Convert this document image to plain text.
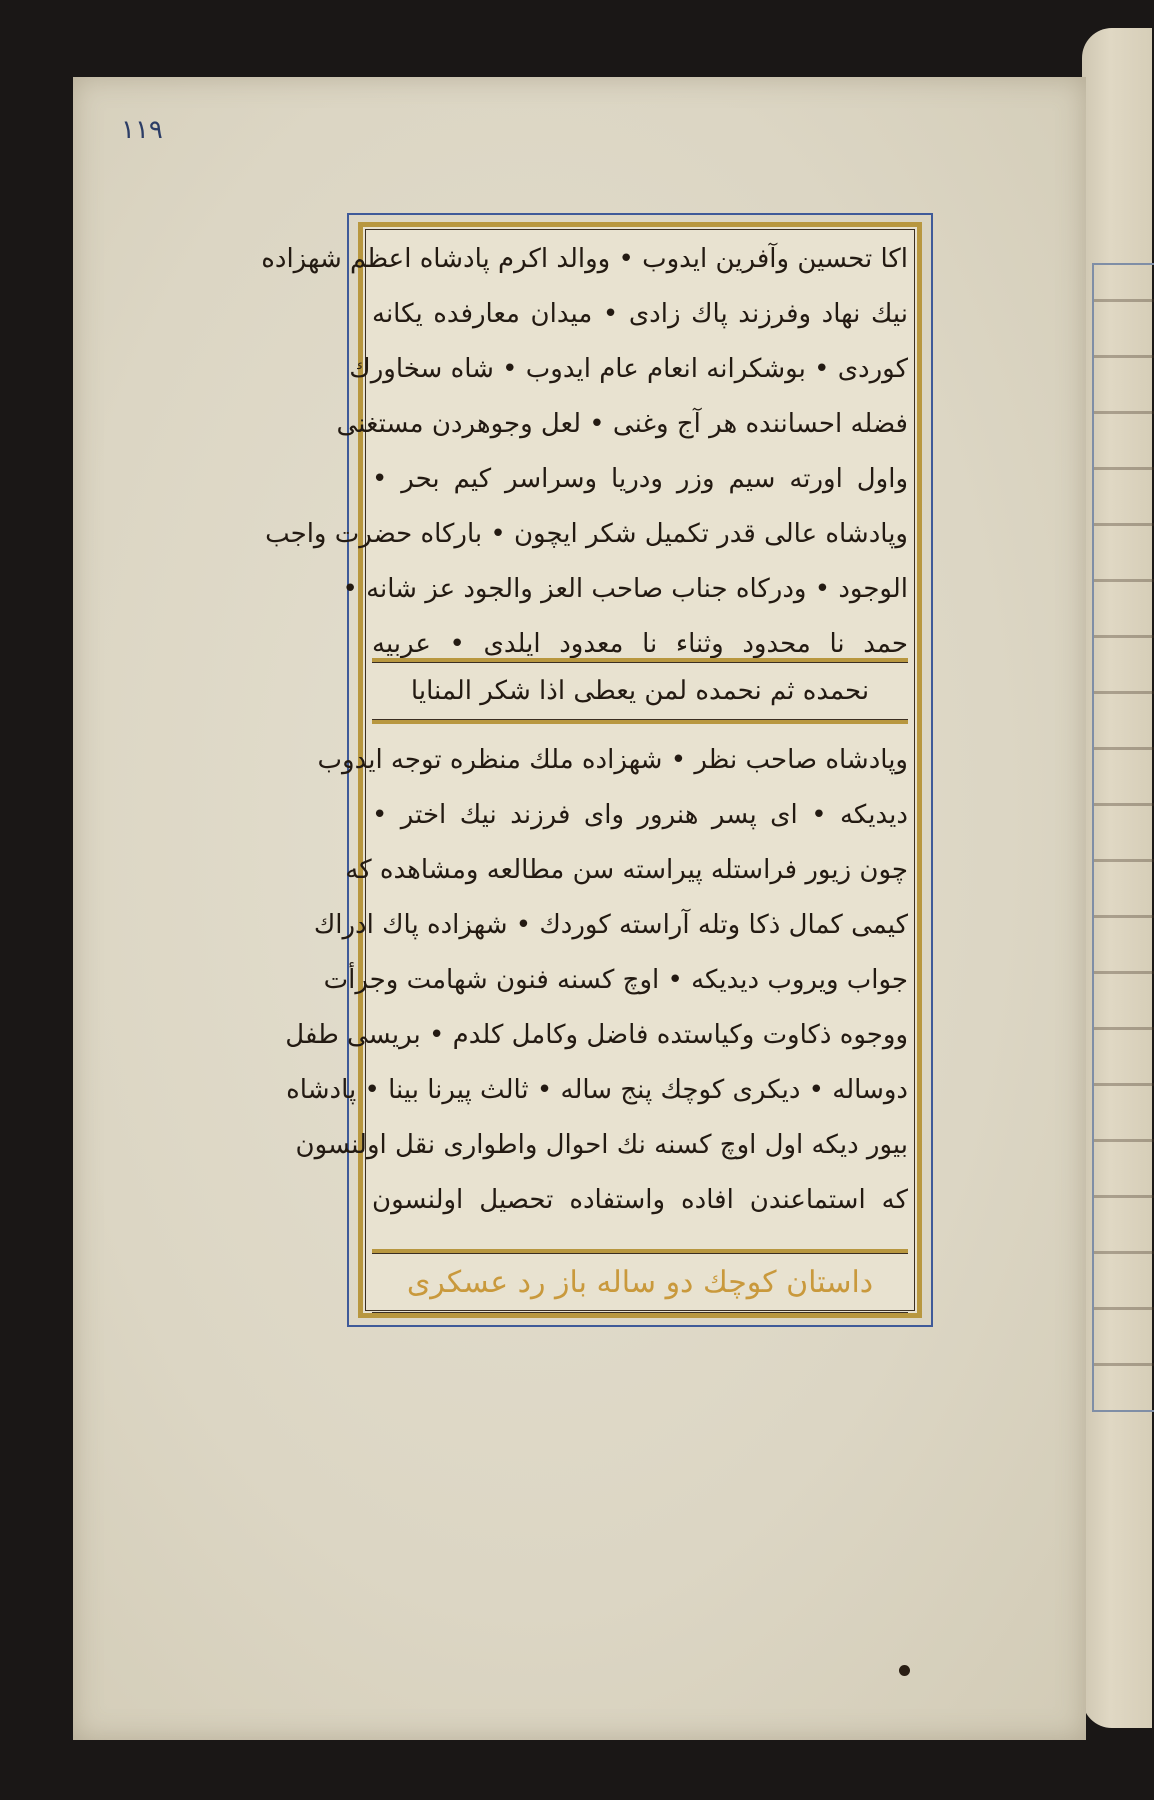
١١٩
اكا تحسين وآفرين ايدوب • ووالد اكرم پادشاه اعظم شهزاده
نيك نهاد وفرزند پاك زادى • ميدان معارفده يكانه
كوردى • بوشكرانه انعام عام ايدوب • شاه سخاورك
فضله احساننده هر آج وغنى • لعل وجوهردن مستغنى
واول اورته سيم وزر ودريا وسراسر كيم بحر •
وپادشاه عالى قدر تكميل شكر ايچون • باركاه حضرت واجب
الوجود • ودركاه جناب صاحب العز والجود عز شانه •
حمد نا محدود وثناء نا معدود ايلدى • عربيه
نحمده ثم نحمده لمن يعطى اذا شكر المنايا
وپادشاه صاحب نظر • شهزاده ملك منظره توجه ايدوب
ديديكه • اى پسر هنرور واى فرزند نيك اختر •
چون زيور فراستله پيراسته سن مطالعه ومشاهده كه
كيمى كمال ذكا وتله آراسته كوردك • شهزاده پاك ادراك
جواب ويروب ديديكه • اوچ كسنه فنون شهامت وجرأت
ووجوه ذكاوت وكياستده فاضل وكامل كلدم • بريسى طفل
دوساله • ديكرى كوچك پنج ساله • ثالث پيرنا بينا • پادشاه
بيور ديكه اول اوچ كسنه نك احوال واطوارى نقل اولنسون
كه استماعندن افاده واستفاده تحصيل اولنسون
داستان كوچك دو ساله باز رد عسكرى
